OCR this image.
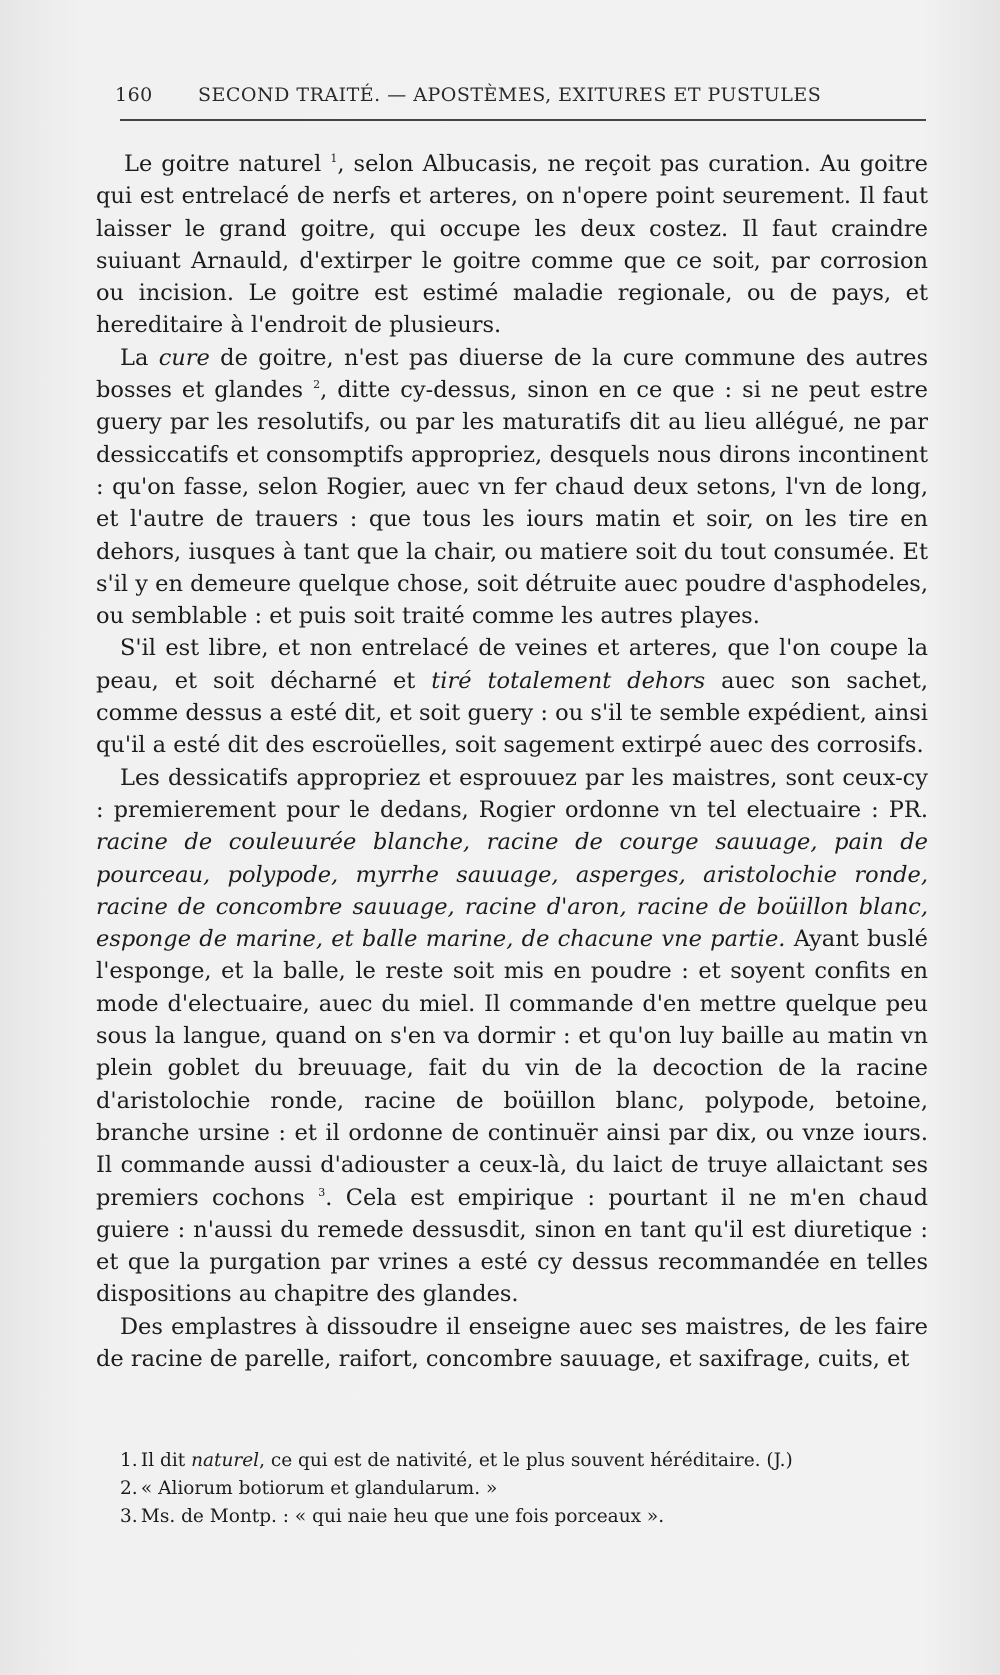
160 SECOND TRAITÉ. — APOSTÈMES, EXITURES ET PUSTULES

Le goitre naturel $^1$, selon Albucasis, ne reçoit pas curation. Au goitre qui est entrelacé de nerfs et arteres, on n'opere point seurement. Il faut laisser le grand goitre, qui occupe les deux costez. Il faut craindre suiuant Arnauld, d'extirper le goitre comme que ce soit, par corrosion ou incision. Le goitre est estimé maladie regionale, ou de pays, et hereditaire à l'endroit de plusieurs.

La cure de goitre, n'est pas diuerse de la cure commune des autres bosses et glandes $^2$, ditte cy-dessus, sinon en ce que : si ne peut estre guery par les resolutifs, ou par les maturatifs dit au lieu allégué, ne par dessiccatifs et consomptifs appropriez, desquels nous dirons incontinent : qu'on fasse, selon Rogier, auec vn fer chaud deux setons, l'vn de long, et l'autre de trauers : que tous les iours matin et soir, on les tire en dehors, iusques à tant que la chair, ou matiere soit du tout consumée. Et s'il y en demeure quelque chose, soit détruite auec poudre d'asphodeles, ou semblable : et puis soit traité comme les autres playes.

S'il est libre, et non entrelacé de veines et arteres, que l'on coupe la peau, et soit décharné et tiré totalement dehors auec son sachet, comme dessus a esté dit, et soit guery : ou s'il te semble expédient, ainsi qu'il a esté dit des escroüelles, soit sagement extirpé auec des corrosifs.

Les dessicatifs appropriez et esprouuez par les maistres, sont ceux-cy : premierement pour le dedans, Rogier ordonne vn tel electuaire : PR. racine de couleuurée blanche, racine de courge sauuage, pain de pourceau, polypode, myrrhe sauuage, asperges, aristolochie ronde, racine de concombre sauuage, racine d'aron, racine de boüillon blanc, esponge de marine, et balle marine, de chacune vne partie. Ayant buslé l'esponge, et la balle, le reste soit mis en poudre : et soyent confits en mode d'electuaire, auec du miel. Il commande d'en mettre quelque peu sous la langue, quand on s'en va dormir : et qu'on luy baille au matin vn plein goblet du breuuage, fait du vin de la decoction de la racine d'aristolochie ronde, racine de boüillon blanc, polypode, betoine, branche ursine : et il ordonne de continuër ainsi par dix, ou vnze iours. Il commande aussi d'adiouster a ceux-là, du laict de truye allaictant ses premiers cochons $^3$. Cela est empirique : pourtant il ne m'en chaud guiere : n'aussi du remede dessusdit, sinon en tant qu'il est diuretique : et que la purgation par vrines a esté cy dessus recommandée en telles dispositions au chapitre des glandes.

Des emplastres à dissoudre il enseigne auec ses maistres, de les faire de racine de parelle, raifort, concombre sauuage, et saxifrage, cuits, et

1. Il dit naturel, ce qui est de nativité, et le plus souvent héréditaire. (J.)
2. « Aliorum botiorum et glandularum. »
3. Ms. de Montp. : « qui naie heu que une fois porceaux ».
